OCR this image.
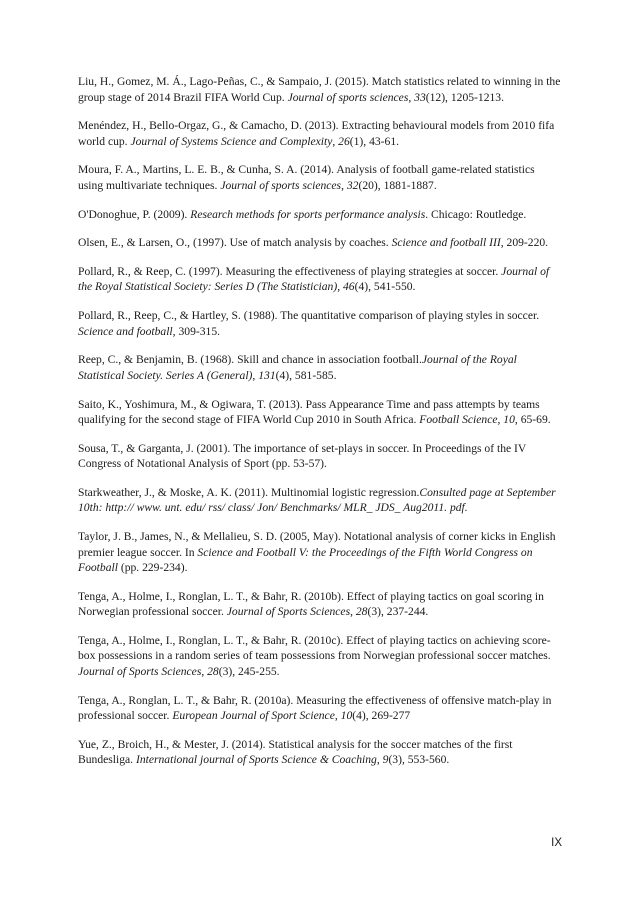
Liu, H., Gomez, M. Á., Lago-Peñas, C., & Sampaio, J. (2015). Match statistics related to winning in the group stage of 2014 Brazil FIFA World Cup. Journal of sports sciences, 33(12), 1205-1213.

Menéndez, H., Bello-Orgaz, G., & Camacho, D. (2013). Extracting behavioural models from 2010 fifa world cup. Journal of Systems Science and Complexity, 26(1), 43-61.

Moura, F. A., Martins, L. E. B., & Cunha, S. A. (2014). Analysis of football game-related statistics using multivariate techniques. Journal of sports sciences, 32(20), 1881-1887.

O'Donoghue, P. (2009). Research methods for sports performance analysis. Chicago: Routledge.

Olsen, E., & Larsen, O., (1997). Use of match analysis by coaches. Science and football III, 209-220.

Pollard, R., & Reep, C. (1997). Measuring the effectiveness of playing strategies at soccer. Journal of the Royal Statistical Society: Series D (The Statistician), 46(4), 541-550.

Pollard, R., Reep, C., & Hartley, S. (1988). The quantitative comparison of playing styles in soccer. Science and football, 309-315.

Reep, C., & Benjamin, B. (1968). Skill and chance in association football.Journal of the Royal Statistical Society. Series A (General), 131(4), 581-585.

Saito, K., Yoshimura, M., & Ogiwara, T. (2013). Pass Appearance Time and pass attempts by teams qualifying for the second stage of FIFA World Cup 2010 in South Africa. Football Science, 10, 65-69.

Sousa, T., & Garganta, J. (2001). The importance of set-plays in soccer. In Proceedings of the IV Congress of Notational Analysis of Sport (pp. 53-57).

Starkweather, J., & Moske, A. K. (2011). Multinomial logistic regression.Consulted page at September 10th: http:// www. unt. edu/ rss/ class/ Jon/ Benchmarks/ MLR_ JDS_ Aug2011. pdf.

Taylor, J. B., James, N., & Mellalieu, S. D. (2005, May). Notational analysis of corner kicks in English premier league soccer. In Science and Football V: the Proceedings of the Fifth World Congress on Football (pp. 229-234).

Tenga, A., Holme, I., Ronglan, L. T., & Bahr, R. (2010b). Effect of playing tactics on goal scoring in Norwegian professional soccer. Journal of Sports Sciences, 28(3), 237-244.

Tenga, A., Holme, I., Ronglan, L. T., & Bahr, R. (2010c). Effect of playing tactics on achieving score-box possessions in a random series of team possessions from Norwegian professional soccer matches. Journal of Sports Sciences, 28(3), 245-255.

Tenga, A., Ronglan, L. T., & Bahr, R. (2010a). Measuring the effectiveness of offensive match-play in professional soccer. European Journal of Sport Science, 10(4), 269-277

Yue, Z., Broich, H., & Mester, J. (2014). Statistical analysis for the soccer matches of the first Bundesliga. International journal of Sports Science & Coaching, 9(3), 553-560.

IX
